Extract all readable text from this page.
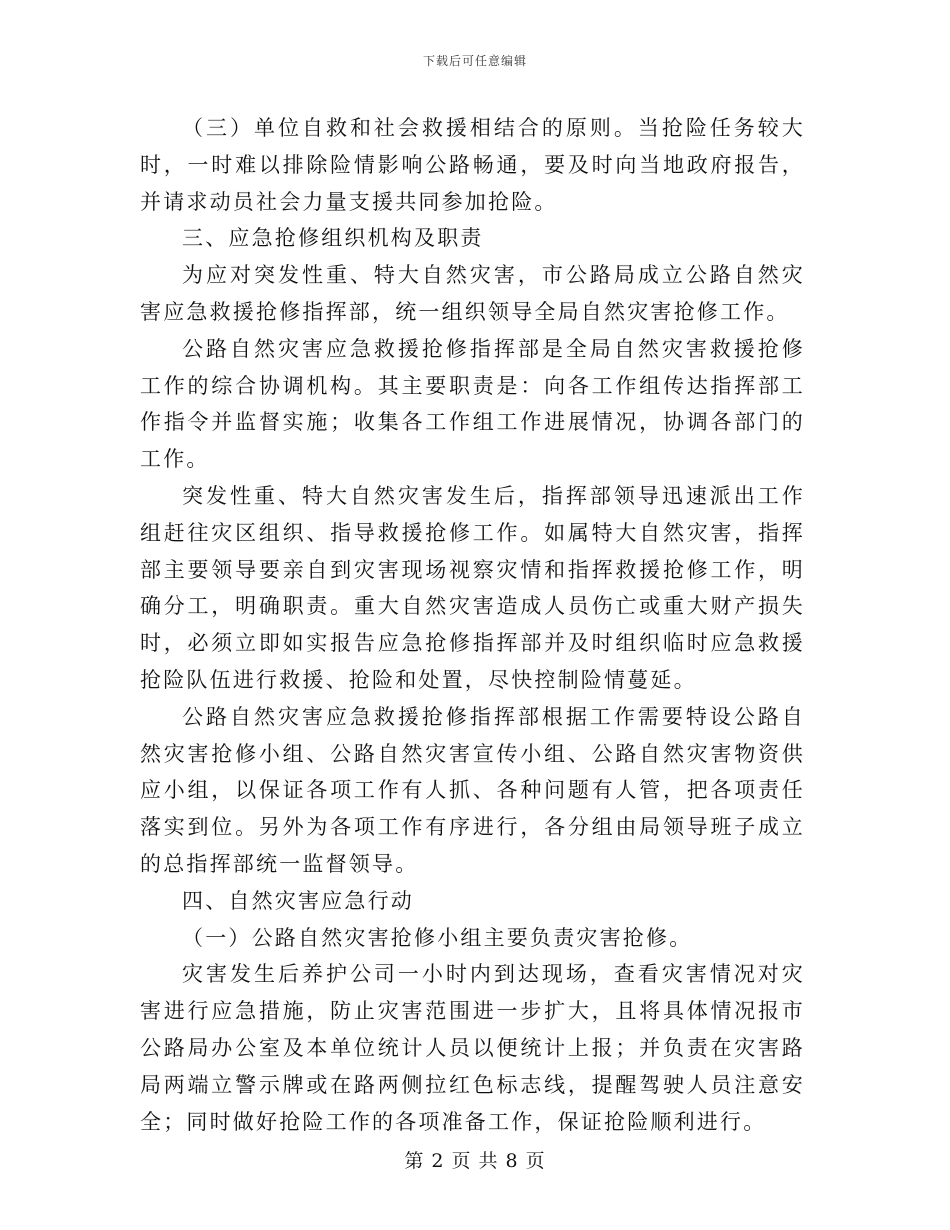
下载后可任意编辑

（三）单位自救和社会救援相结合的原则。当抢险任务较大时，一时难以排除险情影响公路畅通，要及时向当地政府报告，并请求动员社会力量支援共同参加抢险。

三、应急抢修组织机构及职责

为应对突发性重、特大自然灾害，市公路局成立公路自然灾害应急救援抢修指挥部，统一组织领导全局自然灾害抢修工作。

公路自然灾害应急救援抢修指挥部是全局自然灾害救援抢修工作的综合协调机构。其主要职责是：向各工作组传达指挥部工作指令并监督实施；收集各工作组工作进展情况，协调各部门的工作。

突发性重、特大自然灾害发生后，指挥部领导迅速派出工作组赶往灾区组织、指导救援抢修工作。如属特大自然灾害，指挥部主要领导要亲自到灾害现场视察灾情和指挥救援抢修工作，明确分工，明确职责。重大自然灾害造成人员伤亡或重大财产损失时，必须立即如实报告应急抢修指挥部并及时组织临时应急救援抢险队伍进行救援、抢险和处置，尽快控制险情蔓延。

公路自然灾害应急救援抢修指挥部根据工作需要特设公路自然灾害抢修小组、公路自然灾害宣传小组、公路自然灾害物资供应小组，以保证各项工作有人抓、各种问题有人管，把各项责任落实到位。另外为各项工作有序进行，各分组由局领导班子成立的总指挥部统一监督领导。

四、自然灾害应急行动

（一）公路自然灾害抢修小组主要负责灾害抢修。

灾害发生后养护公司一小时内到达现场，查看灾害情况对灾害进行应急措施，防止灾害范围进一步扩大，且将具体情况报市公路局办公室及本单位统计人员以便统计上报；并负责在灾害路局两端立警示牌或在路两侧拉红色标志线，提醒驾驶人员注意安全；同时做好抢险工作的各项准备工作，保证抢险顺利进行。

第 2 页 共 8 页
